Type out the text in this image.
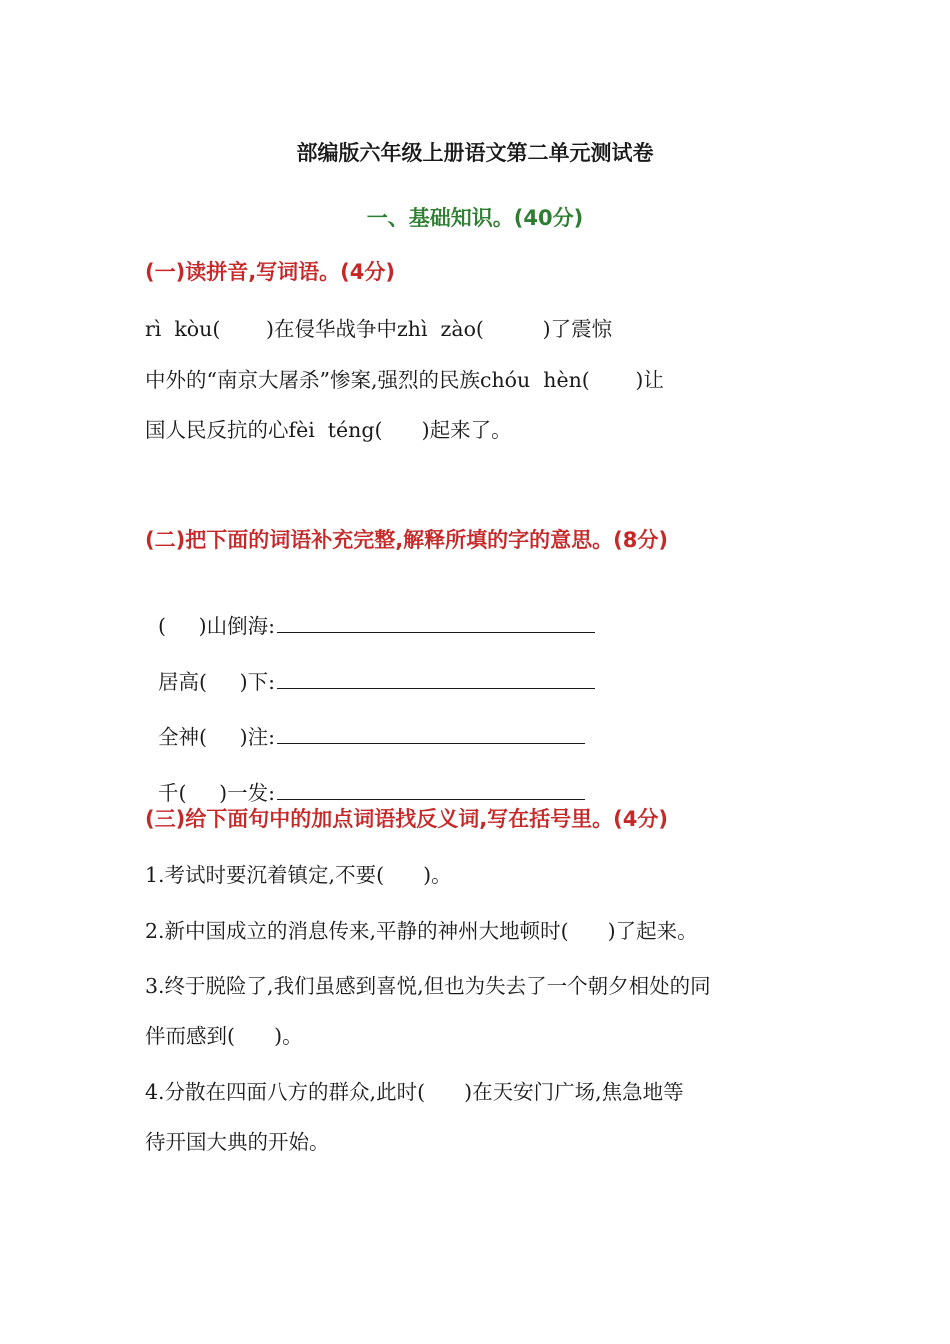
部编版六年级上册语文第二单元测试卷
一、基础知识。(40分)
(一)读拼音,写词语。(4分)
rì  kòu(       )在侵华战争中zhì  zào(         )了震惊
中外的“南京大屠杀”惨案,强烈的民族chóu  hèn(       )让
国人民反抗的心fèi  téng(      )起来了。
(二)把下面的词语补充完整,解释所填的字的意思。(8分)

(     )山倒海:

居高(     )下:

全神(     )注:

千(     )一发:

(三)给下面句中的加点词语找反义词,写在括号里。(4分)
1.考试时要沉着镇定,不要(      )。
2.新中国成立的消息传来,平静的神州大地顿时(      )了起来。
3.终于脱险了,我们虽感到喜悦,但也为失去了一个朝夕相处的同
伴而感到(      )。
4.分散在四面八方的群众,此时(      )在天安门广场,焦急地等
待开国大典的开始。
